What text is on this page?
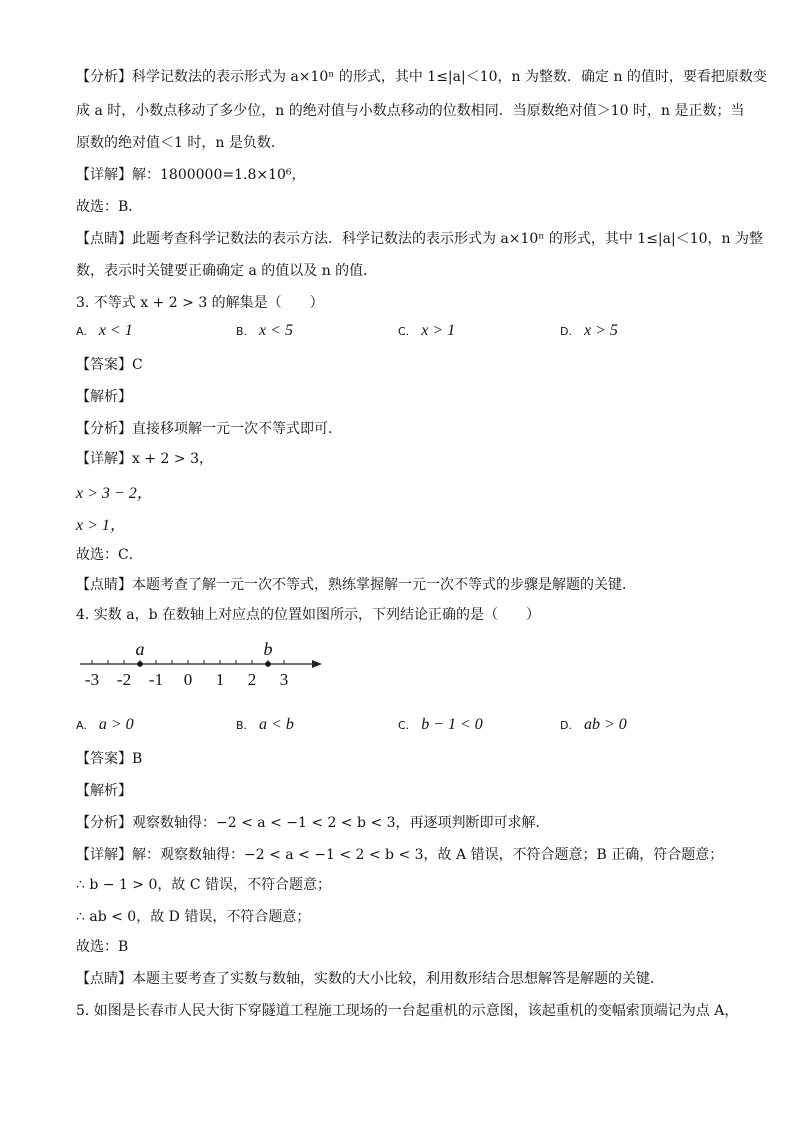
【分析】科学记数法的表示形式为 a×10ⁿ 的形式，其中 1≤|a|＜10，n 为整数．确定 n 的值时，要看把原数变
成 a 时，小数点移动了多少位，n 的绝对值与小数点移动的位数相同．当原数绝对值＞10 时，n 是正数；当
原数的绝对值＜1 时，n 是负数．
【详解】解：1800000=1.8×10⁶，
故选：B．
【点睛】此题考查科学记数法的表示方法．科学记数法的表示形式为 a×10ⁿ 的形式，其中 1≤|a|＜10，n 为整
数，表示时关键要正确确定 a 的值以及 n 的值．
3. 不等式 x + 2 > 3 的解集是（　　）
A. x < 1	B. x < 5	C. x > 1	D. x > 5
【答案】C
【解析】
【分析】直接移项解一元一次不等式即可．
【详解】x + 2 > 3，
x > 3 − 2，
x > 1，
故选：C．
【点睛】本题考查了解一元一次不等式，熟练掌握解一元一次不等式的步骤是解题的关键．
4. 实数 a，b 在数轴上对应点的位置如图所示，下列结论正确的是（　　）
-3 -2 -1 0 1 2 3
a	b
A. a > 0	B. a < b	C. b − 1 < 0	D. ab > 0
【答案】B
【解析】
【分析】观察数轴得：−2 < a < −1 < 2 < b < 3，再逐项判断即可求解．
【详解】解：观察数轴得：−2 < a < −1 < 2 < b < 3，故 A 错误，不符合题意；B 正确，符合题意；
∴ b − 1 > 0，故 C 错误，不符合题意；
∴ ab < 0，故 D 错误，不符合题意；
故选：B
【点睛】本题主要考查了实数与数轴，实数的大小比较，利用数形结合思想解答是解题的关键．
5. 如图是长春市人民大街下穿隧道工程施工现场的一台起重机的示意图，该起重机的变幅索顶端记为点 A，
